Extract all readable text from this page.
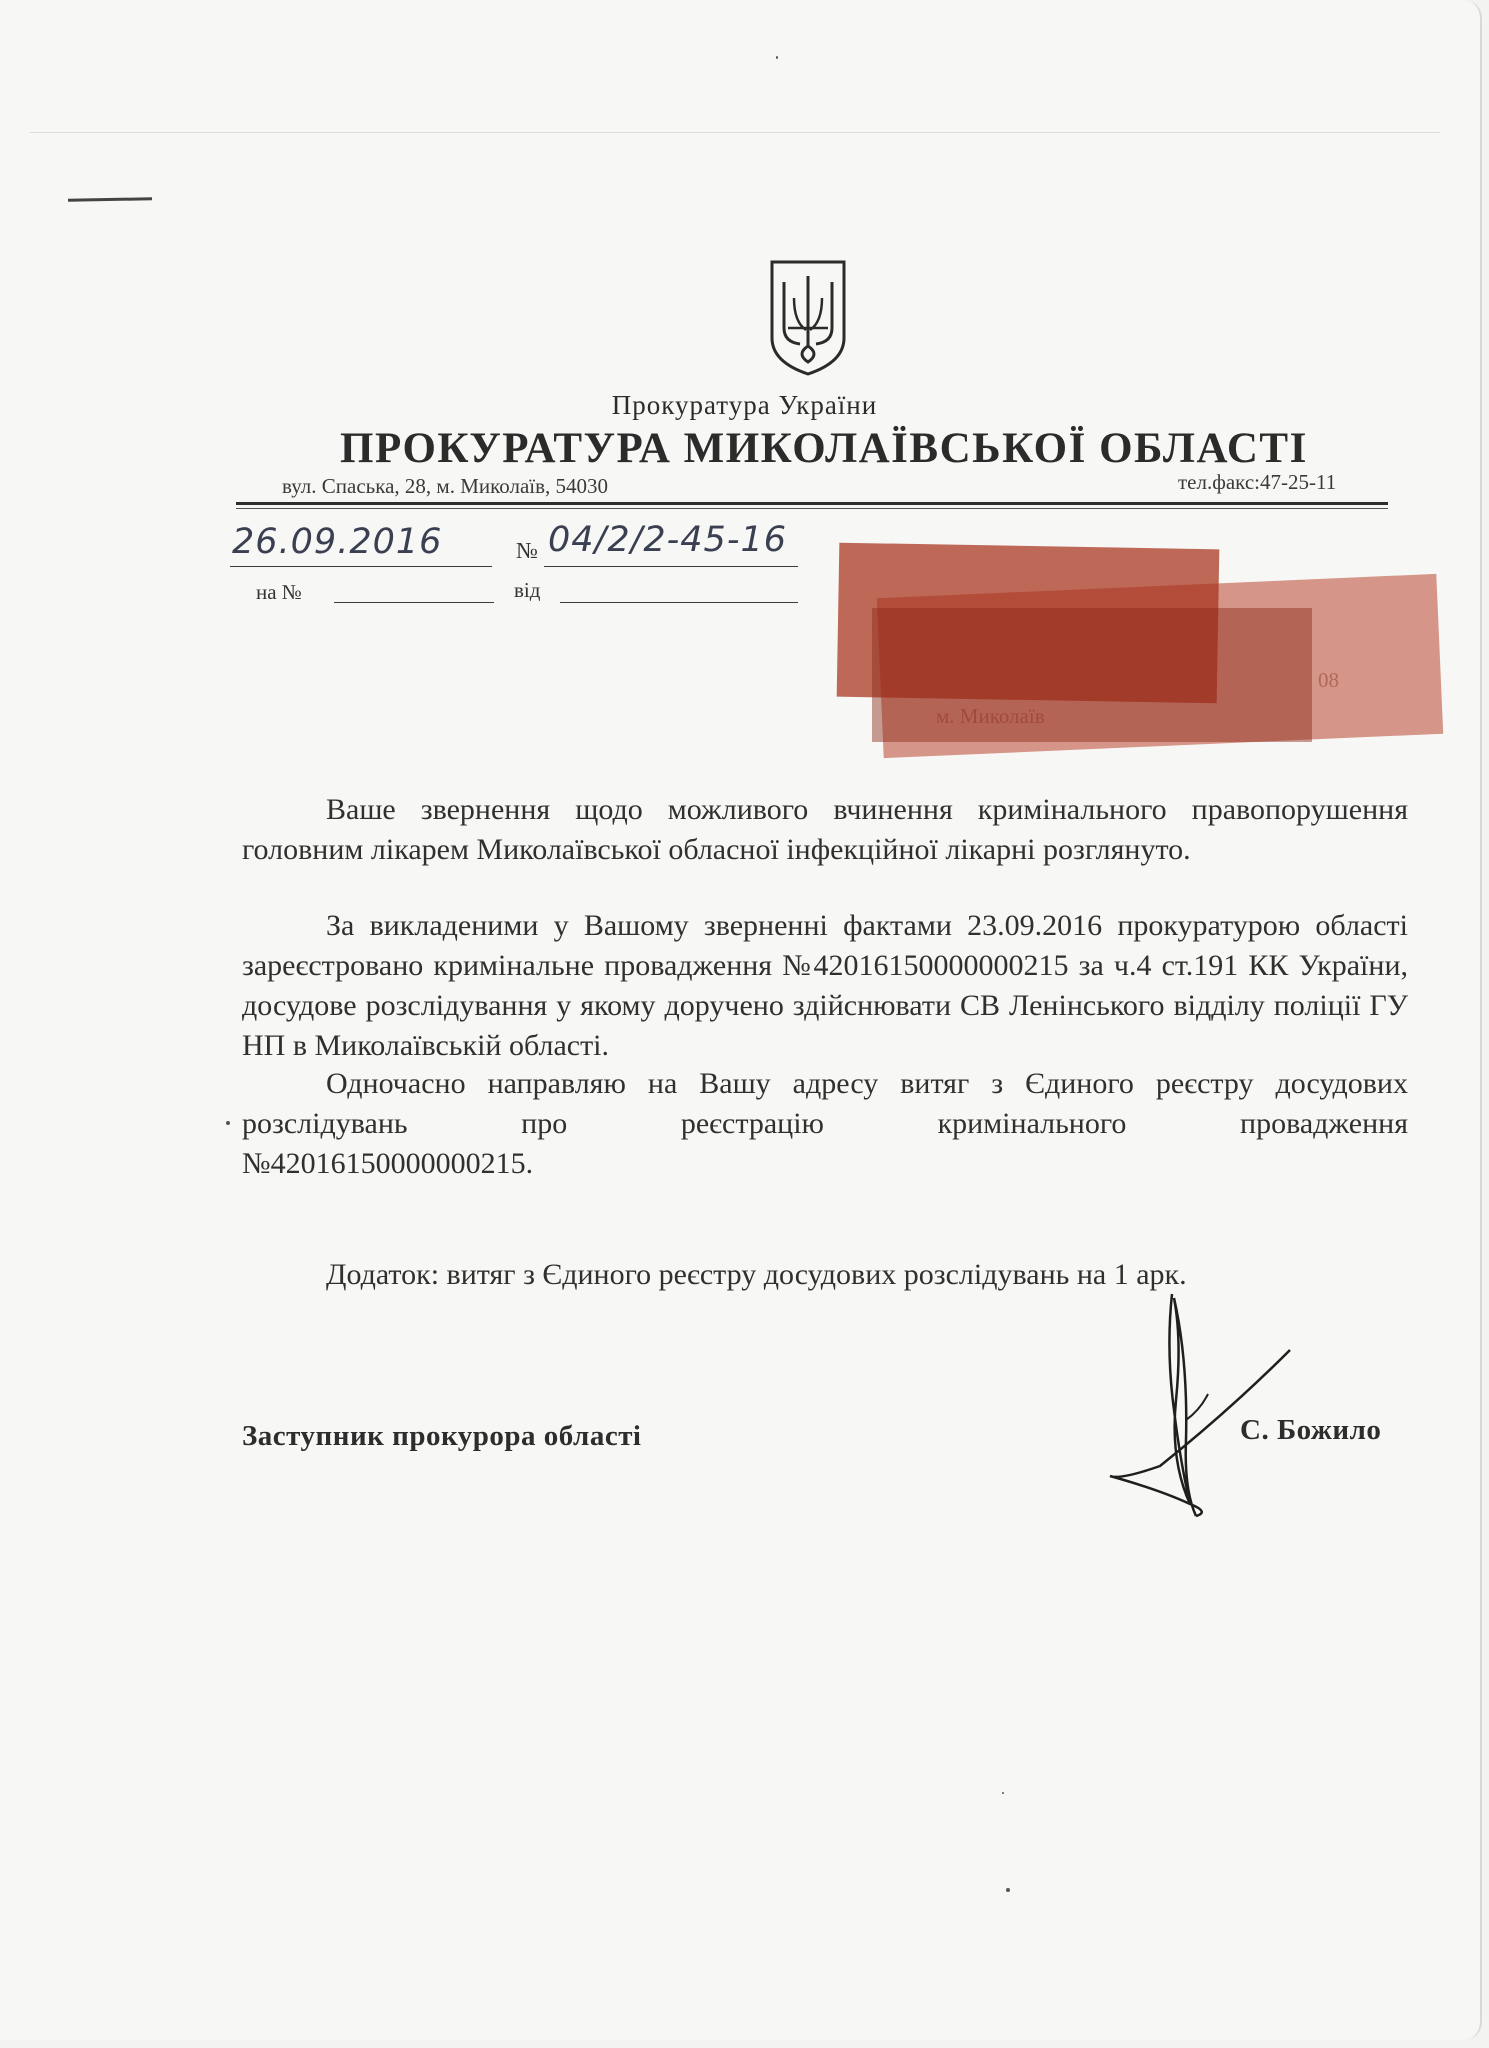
Прокуратура України
ПРОКУРАТУРА МИКОЛАЇВСЬКОЇ ОБЛАСТІ
вул. Спаська, 28, м. Миколаїв, 54030	тел.факс:47-25-11
26.09.2016	№ 04/2/2-45-16
на №	від

Ваше звернення щодо можливого вчинення кримінального правопорушення головним лікарем Миколаївської обласної інфекційної лікарні розглянуто.

За викладеними у Вашому зверненні фактами 23.09.2016 прокуратурою області зареєстровано кримінальне провадження №42016150000000215 за ч.4 ст.191 КК України, досудове розслідування у якому доручено здійснювати СВ Ленінського відділу поліції ГУ НП в Миколаївській області.

Одночасно направляю на Вашу адресу витяг з Єдиного реєстру досудових розслідувань про реєстрацію кримінального провадження

№42016150000000215.

Додаток: витяг з Єдиного реєстру досудових розслідувань на 1 арк.
Заступник прокурора області	С. Божило
